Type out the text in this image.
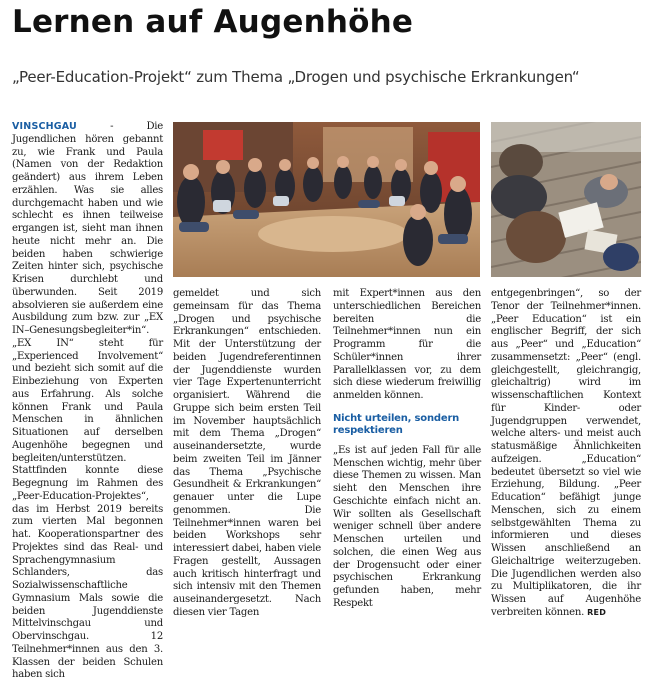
Lernen auf Augenhöhe

„Peer-Education-Projekt“ zum Thema „Drogen und psychische Erkrankungen“

VINSCHGAU - Die Jugendlichen hören gebannt zu, wie Frank und Paula (Namen von der Redaktion geändert) aus ihrem Leben erzählen. Was sie alles durchgemacht haben und wie schlecht es ihnen teilweise ergangen ist, sieht man ihnen heute nicht mehr an. Die beiden haben schwierige Zeiten hinter sich, psychische Krisen durchlebt und überwunden. Seit 2019 absolvieren sie außerdem eine Ausbildung zum bzw. zur „EX IN–Genesungsbegleiter*in“. „EX IN“ steht für „Experienced Involvement“ und bezieht sich somit auf die Einbeziehung von Experten aus Erfahrung. Als solche können Frank und Paula Menschen in ähnlichen Situationen auf derselben Augenhöhe begegnen und begleiten/unterstützen. Stattfinden konnte diese Begegnung im Rahmen des „Peer-Education-Projektes“, das im Herbst 2019 bereits zum vierten Mal begonnen hat. Kooperationspartner des Projektes sind das Real- und Sprachengymnasium Schlanders, das Sozialwissenschaftliche Gymnasium Mals sowie die beiden Jugenddienste Mittelvinschgau und Obervinschgau. 12 Teilnehmer*innen aus den 3. Klassen der beiden Schulen haben sich

gemeldet und sich gemeinsam für das Thema „Drogen und psychische Erkrankungen“ entschieden. Mit der Unterstützung der beiden Jugendreferentinnen der Jugenddienste wurden vier Tage Expertenunterricht organisiert. Während die Gruppe sich beim ersten Teil im November hauptsächlich mit dem Thema „Drogen“ auseinandersetzte, wurde beim zweiten Teil im Jänner das Thema „Psychische Gesundheit & Erkrankungen“ genauer unter die Lupe genommen. Die Teilnehmer*innen waren bei beiden Workshops sehr interessiert dabei, haben viele Fragen gestellt, Aussagen auch kritisch hinterfragt und sich intensiv mit den Themen auseinandergesetzt. Nach diesen vier Tagen

mit Expert*innen aus den unterschiedlichen Bereichen bereiten die Teilnehmer*innen nun ein Programm für die Schüler*innen ihrer Parallelklassen vor, zu dem sich diese wiederum freiwillig anmelden können.

Nicht urteilen, sondern respektieren

„Es ist auf jeden Fall für alle Menschen wichtig, mehr über diese Themen zu wissen. Man sieht den Menschen ihre Geschichte einfach nicht an. Wir sollten als Gesellschaft weniger schnell über andere Menschen urteilen und solchen, die einen Weg aus der Drogensucht oder einer psychischen Erkrankung gefunden haben, mehr Respekt

entgegenbringen“, so der Tenor der Teilnehmer*innen. „Peer Education“ ist ein englischer Begriff, der sich aus „Peer“ und „Education“ zusammensetzt: „Peer“ (engl. gleichgestellt, gleichrangig, gleichaltrig) wird im wissenschaftlichen Kontext für Kinder- oder Jugendgruppen verwendet, welche alters- und meist auch statusmäßige Ähnlichkeiten aufzeigen. „Education“ bedeutet übersetzt so viel wie Erziehung, Bildung. „Peer Education“ befähigt junge Menschen, sich zu einem selbstgewählten Thema zu informieren und dieses Wissen anschließend an Gleichaltrige weiterzugeben. Die Jugendlichen werden also zu Multiplikatoren, die ihr Wissen auf Augenhöhe verbreiten können. RED
